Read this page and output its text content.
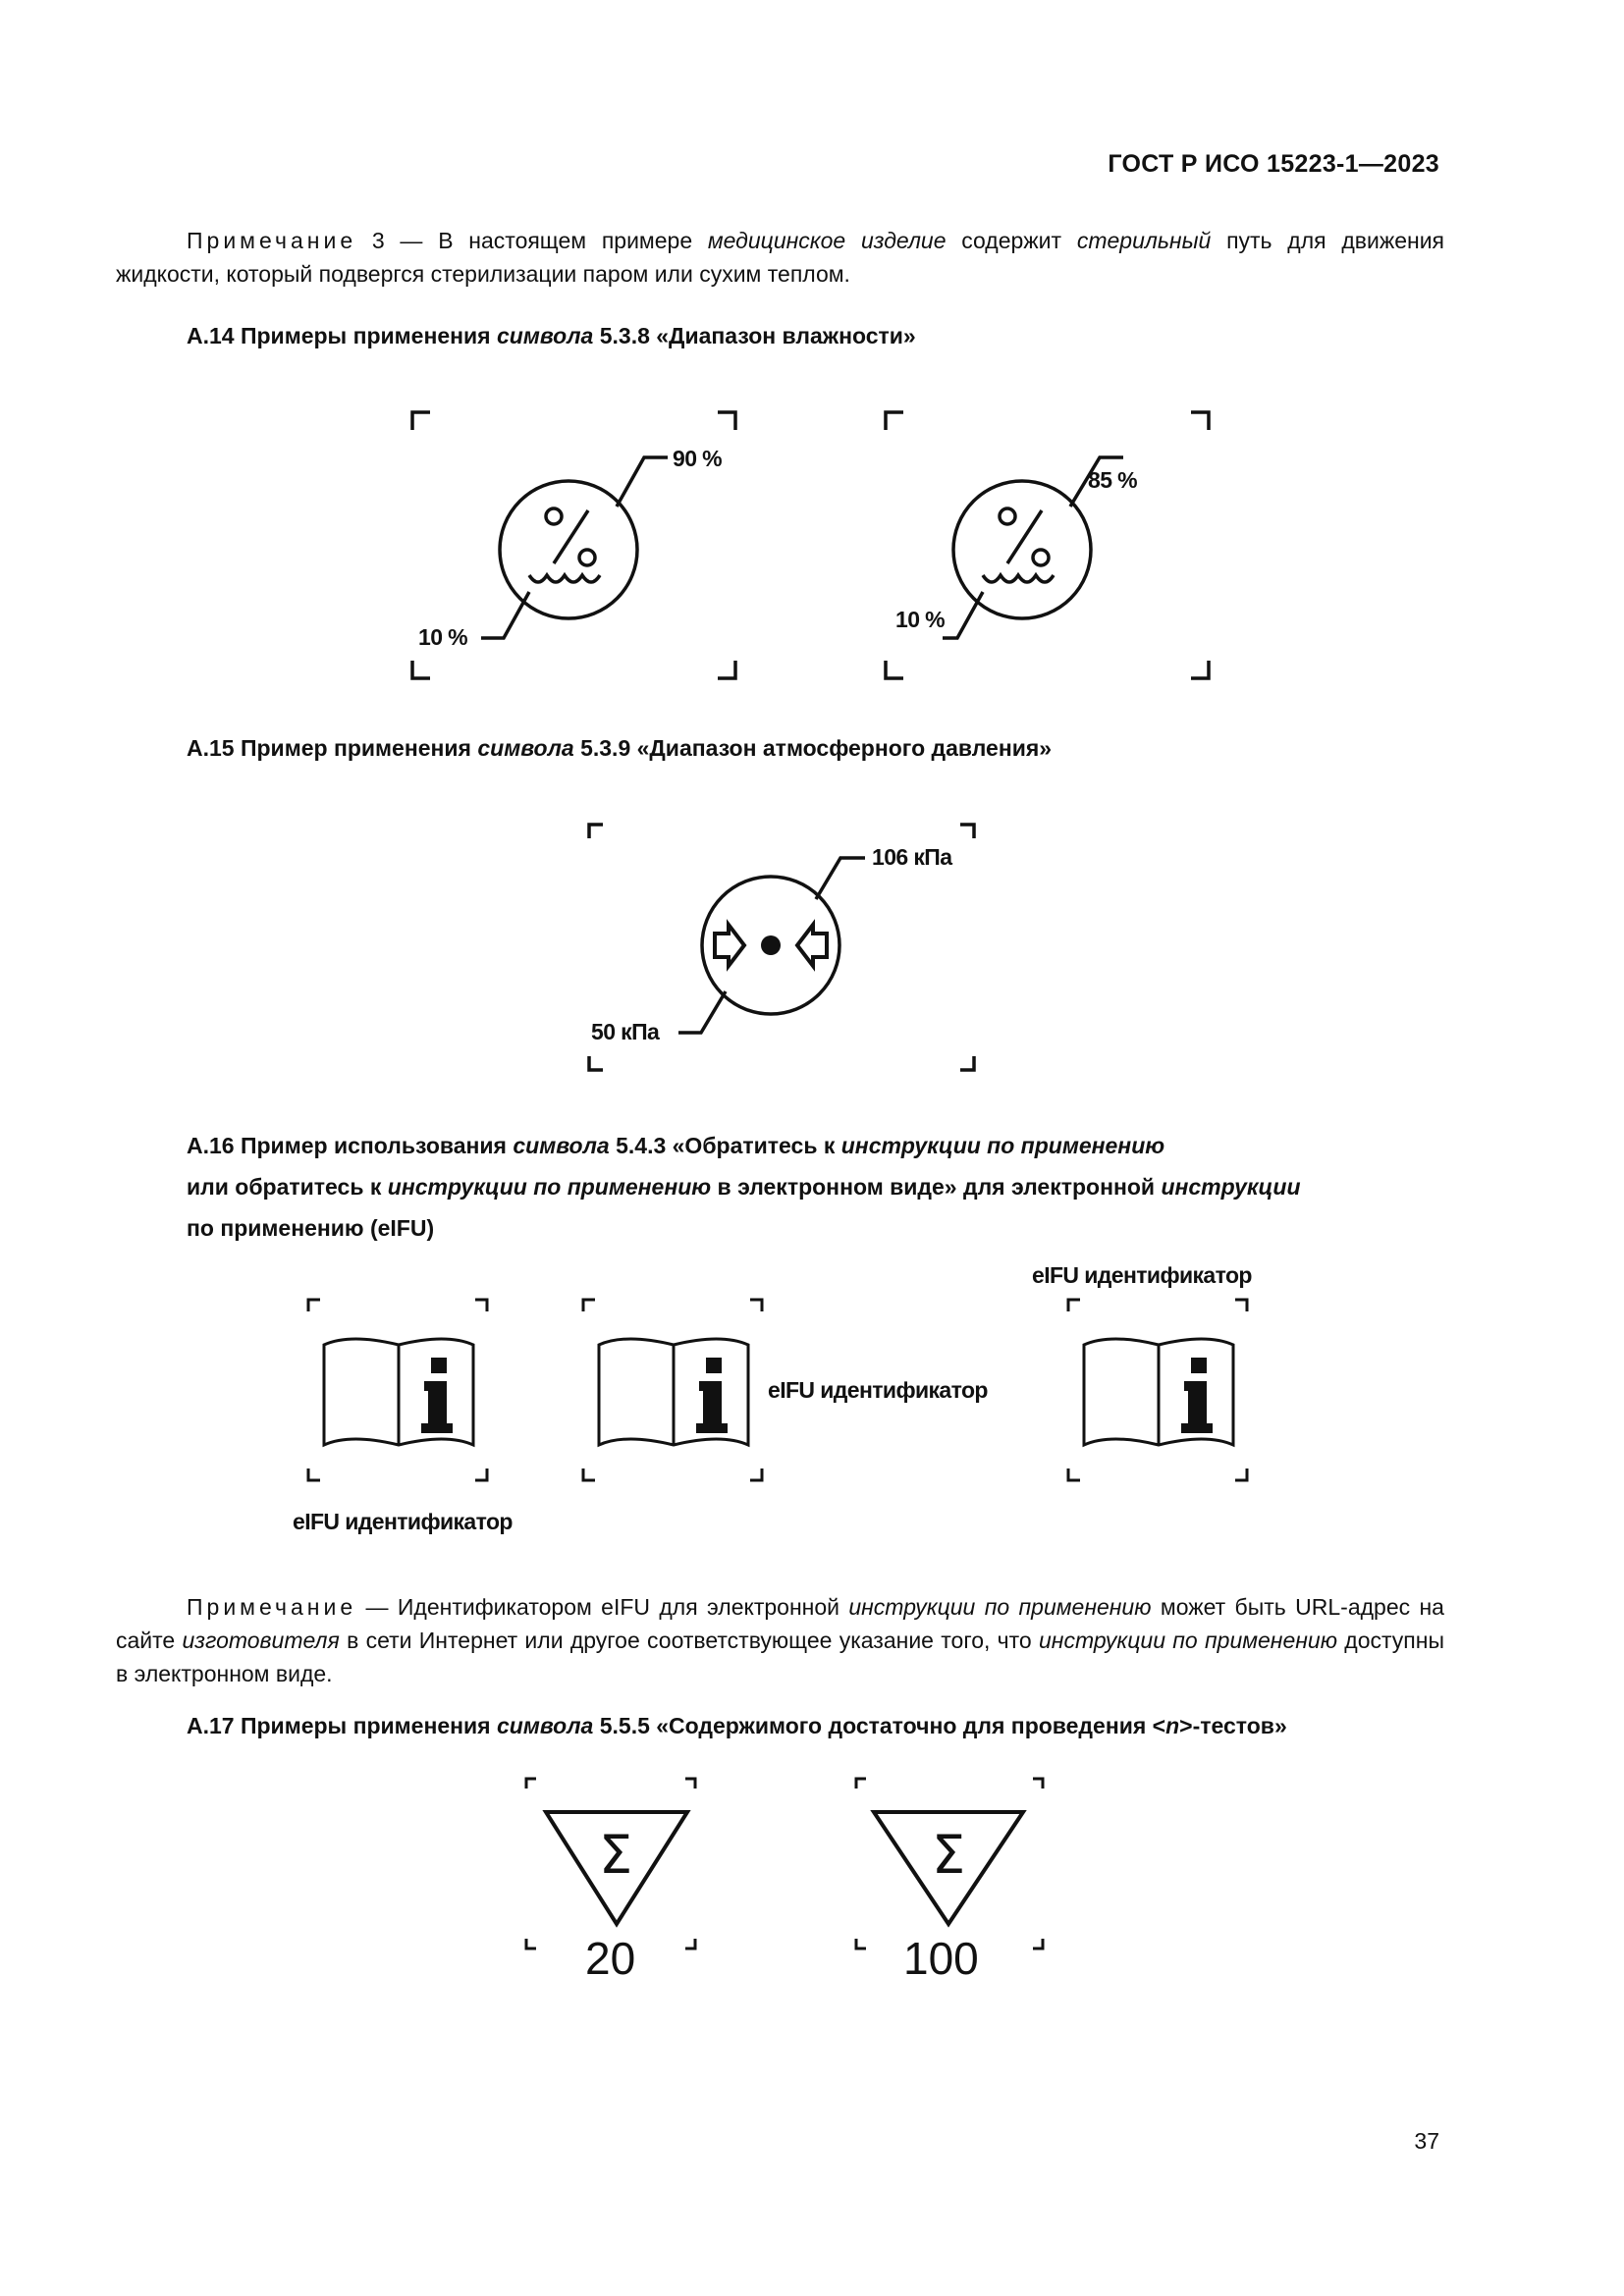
ГОСТ Р ИСО 15223-1—2023
Примечание 3 — В настоящем примере медицинское изделие содержит стерильный путь для движения жидкости, который подвергся стерилизации паром или сухим теплом.
А.14 Примеры применения символа 5.3.8 «Диапазон влажности»
90 %
10 %
85 %
10 %
А.15 Пример применения символа 5.3.9 «Диапазон атмосферного давления»
106 кПа
50 кПа
А.16 Пример использования символа 5.4.3 «Обратитесь к инструкции по применению
или обратитесь к инструкции по применению в электронном виде» для электронной инструкции
по применению (eIFU)
eIFU идентификатор
eIFU идентификатор
eIFU идентификатор
Примечание — Идентификатором eIFU для электронной инструкции по применению может быть URL-адрес на сайте изготовителя в сети Интернет или другое соответствующее указание того, что инструкции по применению доступны в электронном виде.
А.17 Примеры применения символа 5.5.5 «Содержимого достаточно для проведения <n>-тестов»
Σ
20
Σ
100
37
